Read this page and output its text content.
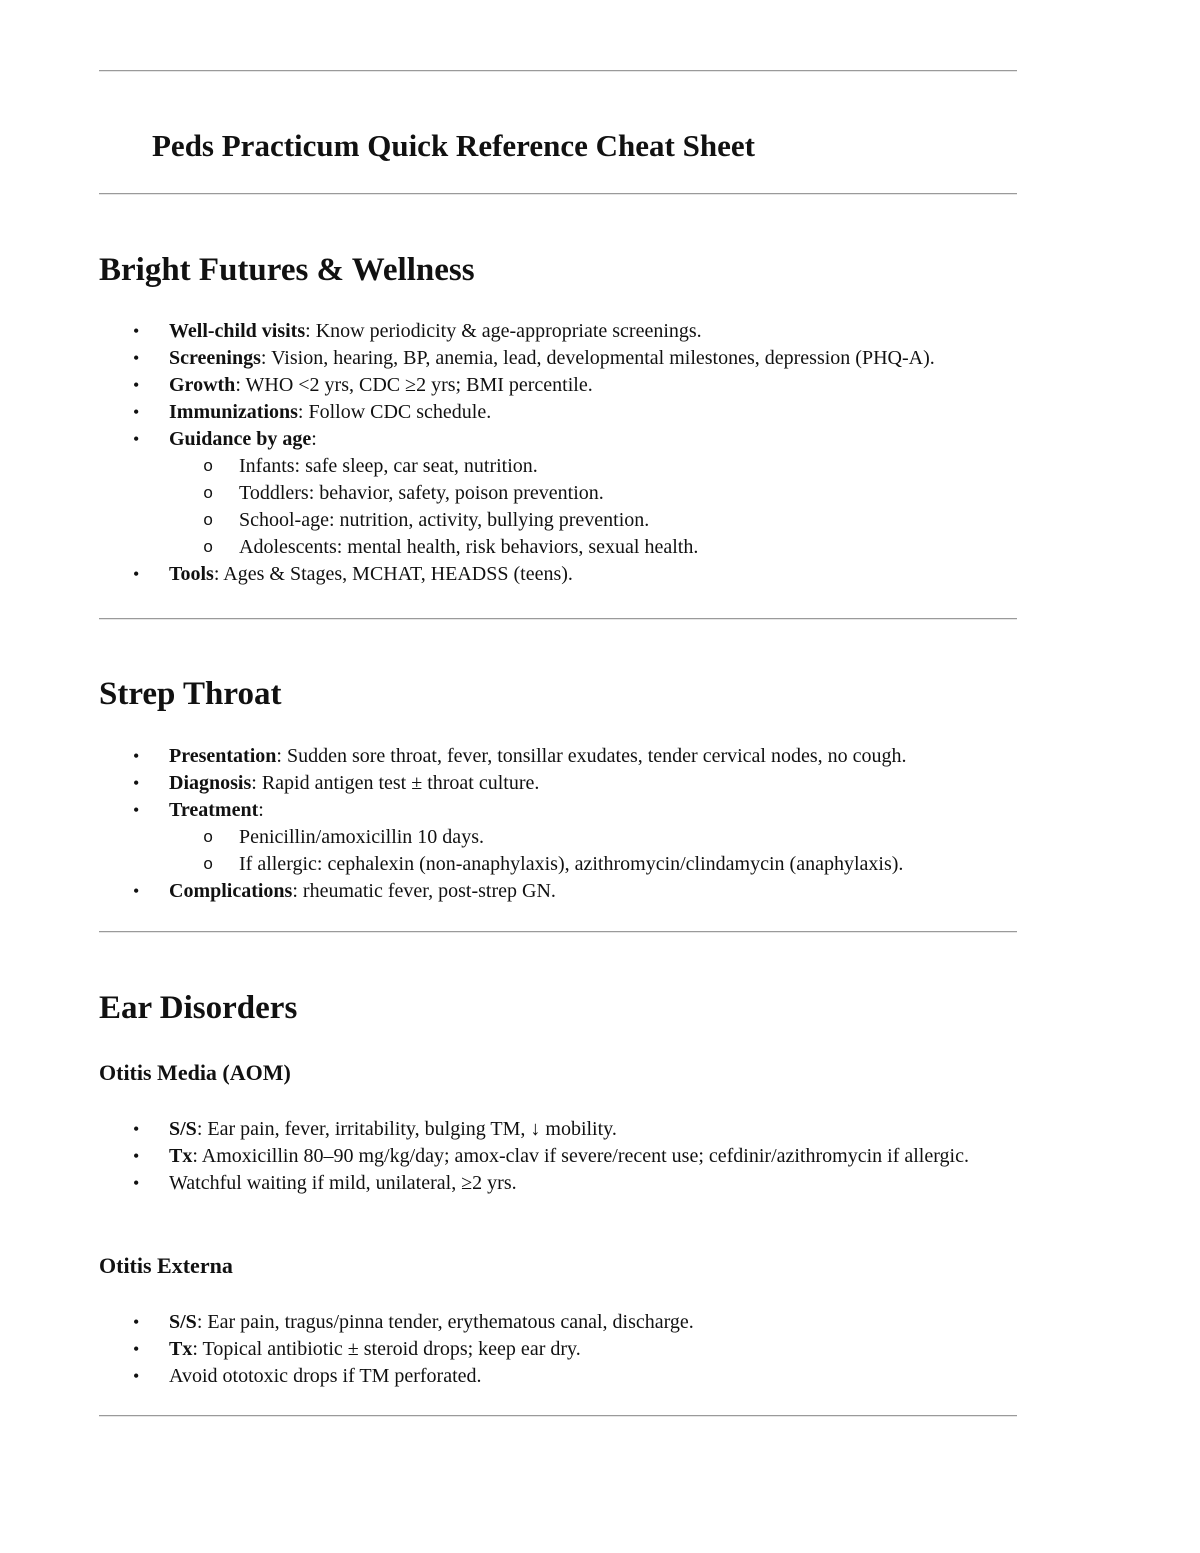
Peds Practicum Quick Reference Cheat Sheet
Bright Futures & Wellness
• Well-child visits: Know periodicity & age-appropriate screenings.
• Screenings: Vision, hearing, BP, anemia, lead, developmental milestones, depression (PHQ-A).
• Growth: WHO <2 yrs, CDC ≥2 yrs; BMI percentile.
• Immunizations: Follow CDC schedule.
• Guidance by age:
o Infants: safe sleep, car seat, nutrition.
o Toddlers: behavior, safety, poison prevention.
o School-age: nutrition, activity, bullying prevention.
o Adolescents: mental health, risk behaviors, sexual health.
• Tools: Ages & Stages, MCHAT, HEADSS (teens).
Strep Throat
• Presentation: Sudden sore throat, fever, tonsillar exudates, tender cervical nodes, no cough.
• Diagnosis: Rapid antigen test ± throat culture.
• Treatment:
o Penicillin/amoxicillin 10 days.
o If allergic: cephalexin (non-anaphylaxis), azithromycin/clindamycin (anaphylaxis).
• Complications: rheumatic fever, post-strep GN.
Ear Disorders
Otitis Media (AOM)
• S/S: Ear pain, fever, irritability, bulging TM, ↓ mobility.
• Tx: Amoxicillin 80–90 mg/kg/day; amox-clav if severe/recent use; cefdinir/azithromycin if allergic.
• Watchful waiting if mild, unilateral, ≥2 yrs.
Otitis Externa
• S/S: Ear pain, tragus/pinna tender, erythematous canal, discharge.
• Tx: Topical antibiotic ± steroid drops; keep ear dry.
• Avoid ototoxic drops if TM perforated.
